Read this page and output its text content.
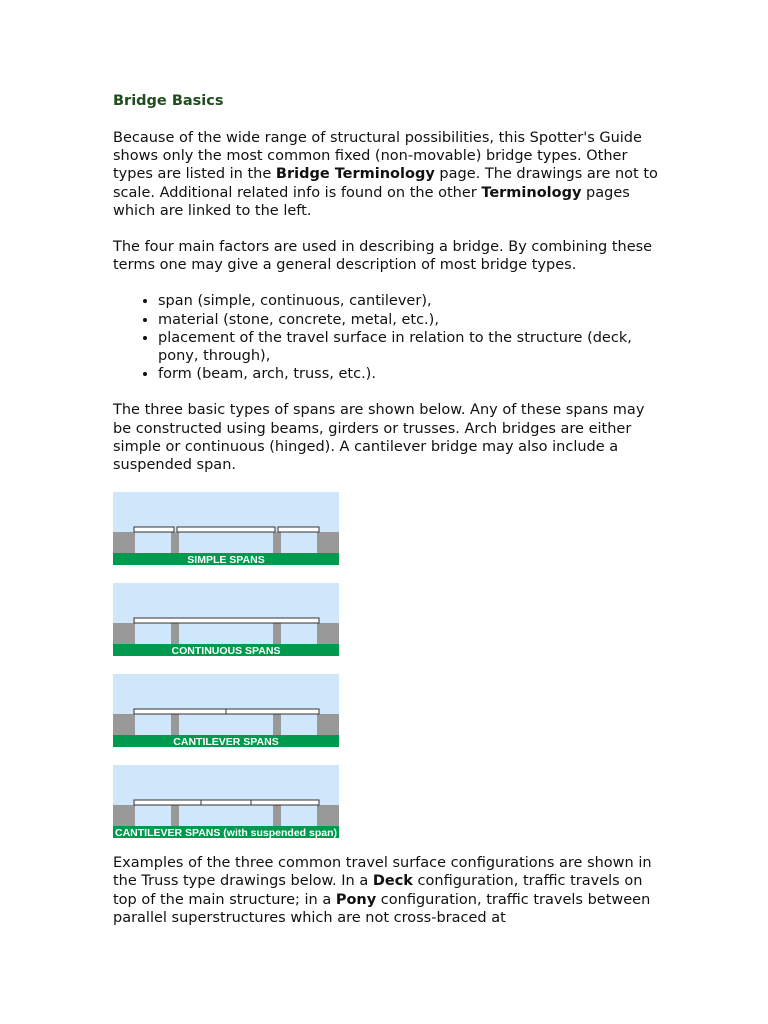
Bridge Basics

Because of the wide range of structural possibilities, this Spotter's Guide shows only the most common fixed (non-movable) bridge types. Other types are listed in the Bridge Terminology page. The drawings are not to scale. Additional related info is found on the other Terminology pages which are linked to the left.

The four main factors are used in describing a bridge. By combining these terms one may give a general description of most bridge types.

• span (simple, continuous, cantilever),
• material (stone, concrete, metal, etc.),
• placement of the travel surface in relation to the structure (deck, pony, through),
• form (beam, arch, truss, etc.).

The three basic types of spans are shown below. Any of these spans may be constructed using beams, girders or trusses. Arch bridges are either simple or continuous (hinged). A cantilever bridge may also include a suspended span.

SIMPLE SPANS
CONTINUOUS SPANS
CANTILEVER SPANS
CANTILEVER SPANS (with suspended span)

Examples of the three common travel surface configurations are shown in the Truss type drawings below. In a Deck configuration, traffic travels on top of the main structure; in a Pony configuration, traffic travels between parallel superstructures which are not cross-braced at
